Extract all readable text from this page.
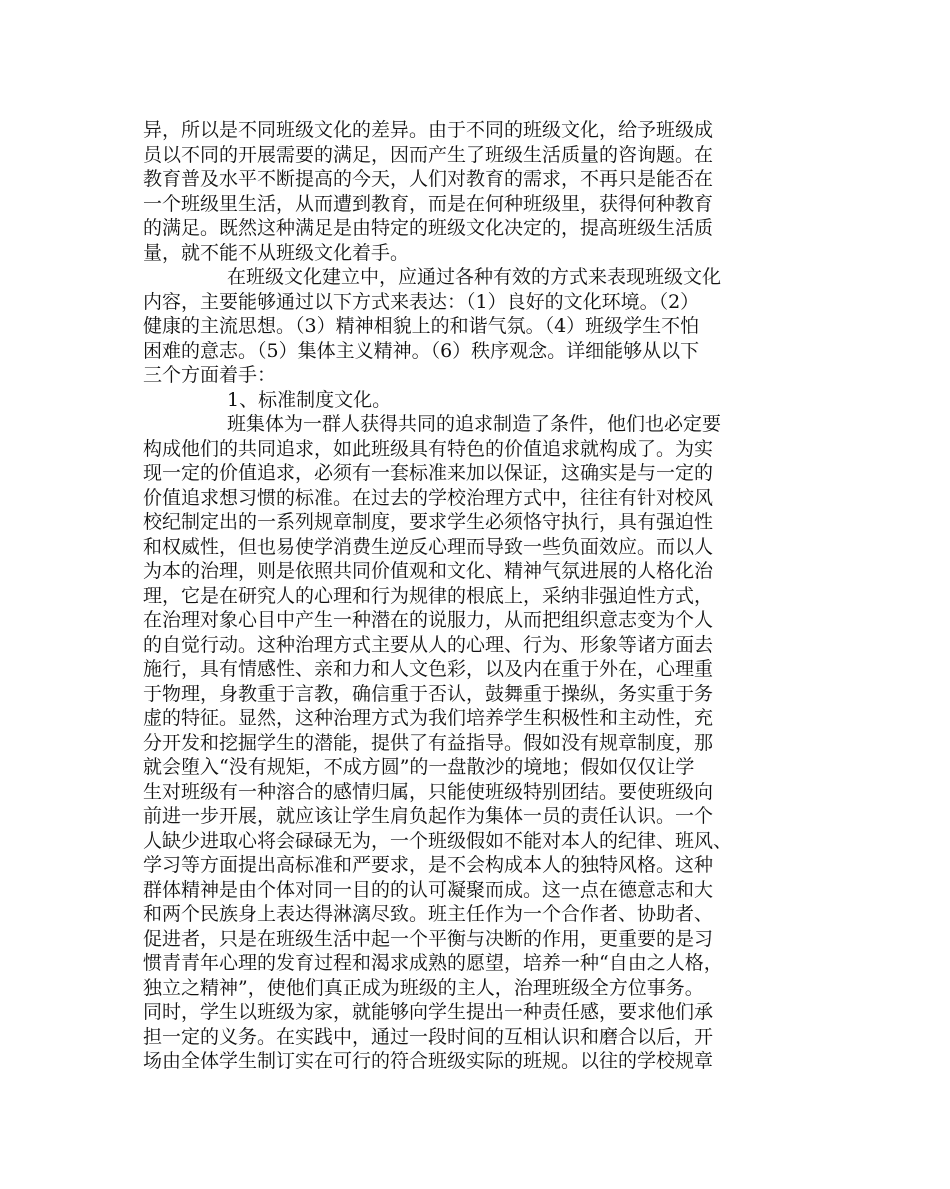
异，所以是不同班级文化的差异。由于不同的班级文化，给予班级成
员以不同的开展需要的满足，因而产生了班级生活质量的咨询题。在
教育普及水平不断提高的今天，人们对教育的需求，不再只是能否在
一个班级里生活，从而遭到教育，而是在何种班级里，获得何种教育
的满足。既然这种满足是由特定的班级文化决定的，提高班级生活质
量，就不能不从班级文化着手。
在班级文化建立中，应通过各种有效的方式来表现班级文化
内容，主要能够通过以下方式来表达：（1）良好的文化环境。（2）
健康的主流思想。（3）精神相貌上的和谐气氛。（4）班级学生不怕
困难的意志。（5）集体主义精神。（6）秩序观念。详细能够从以下
三个方面着手：
1、标准制度文化。
班集体为一群人获得共同的追求制造了条件，他们也必定要
构成他们的共同追求，如此班级具有特色的价值追求就构成了。为实
现一定的价值追求，必须有一套标准来加以保证，这确实是与一定的
价值追求想习惯的标准。在过去的学校治理方式中，往往有针对校风
校纪制定出的一系列规章制度，要求学生必须恪守执行，具有强迫性
和权威性，但也易使学消费生逆反心理而导致一些负面效应。而以人
为本的治理，则是依照共同价值观和文化、精神气氛进展的人格化治
理，它是在研究人的心理和行为规律的根底上，采纳非强迫性方式，
在治理对象心目中产生一种潜在的说服力，从而把组织意志变为个人
的自觉行动。这种治理方式主要从人的心理、行为、形象等诸方面去
施行，具有情感性、亲和力和人文色彩，以及内在重于外在，心理重
于物理，身教重于言教，确信重于否认，鼓舞重于操纵，务实重于务
虚的特征。显然，这种治理方式为我们培养学生积极性和主动性，充
分开发和挖掘学生的潜能，提供了有益指导。假如没有规章制度，那
就会堕入“没有规矩，不成方圆”的一盘散沙的境地；假如仅仅让学
生对班级有一种溶合的感情归属，只能使班级特别团结。要使班级向
前进一步开展，就应该让学生肩负起作为集体一员的责任认识。一个
人缺少进取心将会碌碌无为，一个班级假如不能对本人的纪律、班风、
学习等方面提出高标准和严要求，是不会构成本人的独特风格。这种
群体精神是由个体对同一目的的认可凝聚而成。这一点在德意志和大
和两个民族身上表达得淋漓尽致。班主任作为一个合作者、协助者、
促进者，只是在班级生活中起一个平衡与决断的作用，更重要的是习
惯青青年心理的发育过程和渴求成熟的愿望，培养一种“自由之人格，
独立之精神”，使他们真正成为班级的主人，治理班级全方位事务。
同时，学生以班级为家，就能够向学生提出一种责任感，要求他们承
担一定的义务。在实践中，通过一段时间的互相认识和磨合以后，开
场由全体学生制订实在可行的符合班级实际的班规。以往的学校规章
